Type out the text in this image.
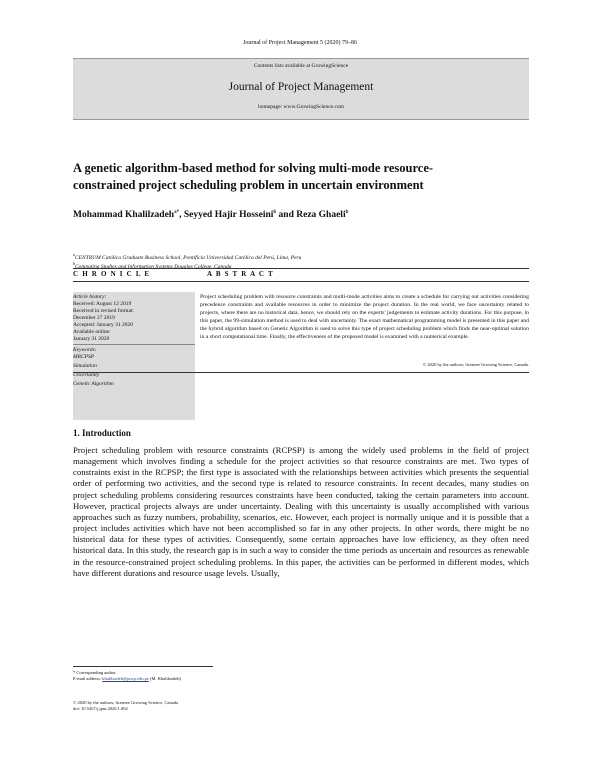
Journal of Project Management 5 (2020) 79–86
Contents lists available at GrowingScience
Journal of Project Management
homepage: www.GrowingScience.com
A genetic algorithm-based method for solving multi-mode resource-
constrained project scheduling problem in uncertain environment
Mohammad Khalilzadeh$^{a*}$, Seyyed Hajir Hosseini$^b$ and Reza Ghaeli$^b$
$^a$CENTRUM Católica Graduate Business School, Pontificia Universidad Católica del Perú, Lima, Peru
$^b$Computing Studies and Information Systems Douglas College, Canada
C H R O N I C L E	A B S T R A C T
Article history:
Received: August 12 2019
Received in revised format:
December 27 2019
Accepted: January 31 2020
Available online:
January 31 2020
Keywords:
MRCPSP
Simulation
Uncertainty
Genetic Algorithm
Project scheduling problem with resource constraints and multi-mode activities aims to create a schedule for carrying out activities considering precedence constraints and available resources in order to minimize the project duration. In the real world, we face uncertainty related to projects, where there are no historical data, hence, we should rely on the experts' judgements to estimate activity durations. For this purpose, in this paper, the 99-simulation method is used to deal with uncertainty. The exact mathematical programming model is presented in this paper and the hybrid algorithm based on Genetic Algorithm is used to solve this type of project scheduling problem which finds the near-optimal solution in a short computational time. Finally, the effectiveness of the proposed model is examined with a numerical example.
© 2020 by the authors; licensee Growing Science, Canada.
1. Introduction
Project scheduling problem with resource constraints (RCPSP) is among the widely used problems in the field of project management which involves finding a schedule for the project activities so that resource constraints are met. Two types of constraints exist in the RCPSP; the first type is associated with the relationships between activities which presents the sequential order of performing two activities, and the second type is related to resource constraints. In recent decades, many studies on project scheduling problems considering resources constraints have been conducted, taking the certain parameters into account. However, practical projects always are under uncertainty. Dealing with this uncertainty is usually accomplished with various approaches such as fuzzy numbers, probability, scenarios, etc. However, each project is normally unique and it is possible that a project includes activities which have not been accomplished so far in any other projects. In other words, there might be no historical data for these types of activities. Consequently, some certain approaches have low efficiency, as they often need historical data. In this study, the research gap is in such a way to consider the time periods as uncertain and resources as renewable in the resource-constrained project scheduling problems. In this paper, the activities can be performed in different modes, which have different durations and resource usage levels. Usually,
* Corresponding author.
E-mail address: khalilzadeh@pucp.edu.pe (M. Khalilzadeh)
© 2020 by the authors; licensee Growing Science, Canada
doi: 10.5267/j.jpm.2020.1.002
